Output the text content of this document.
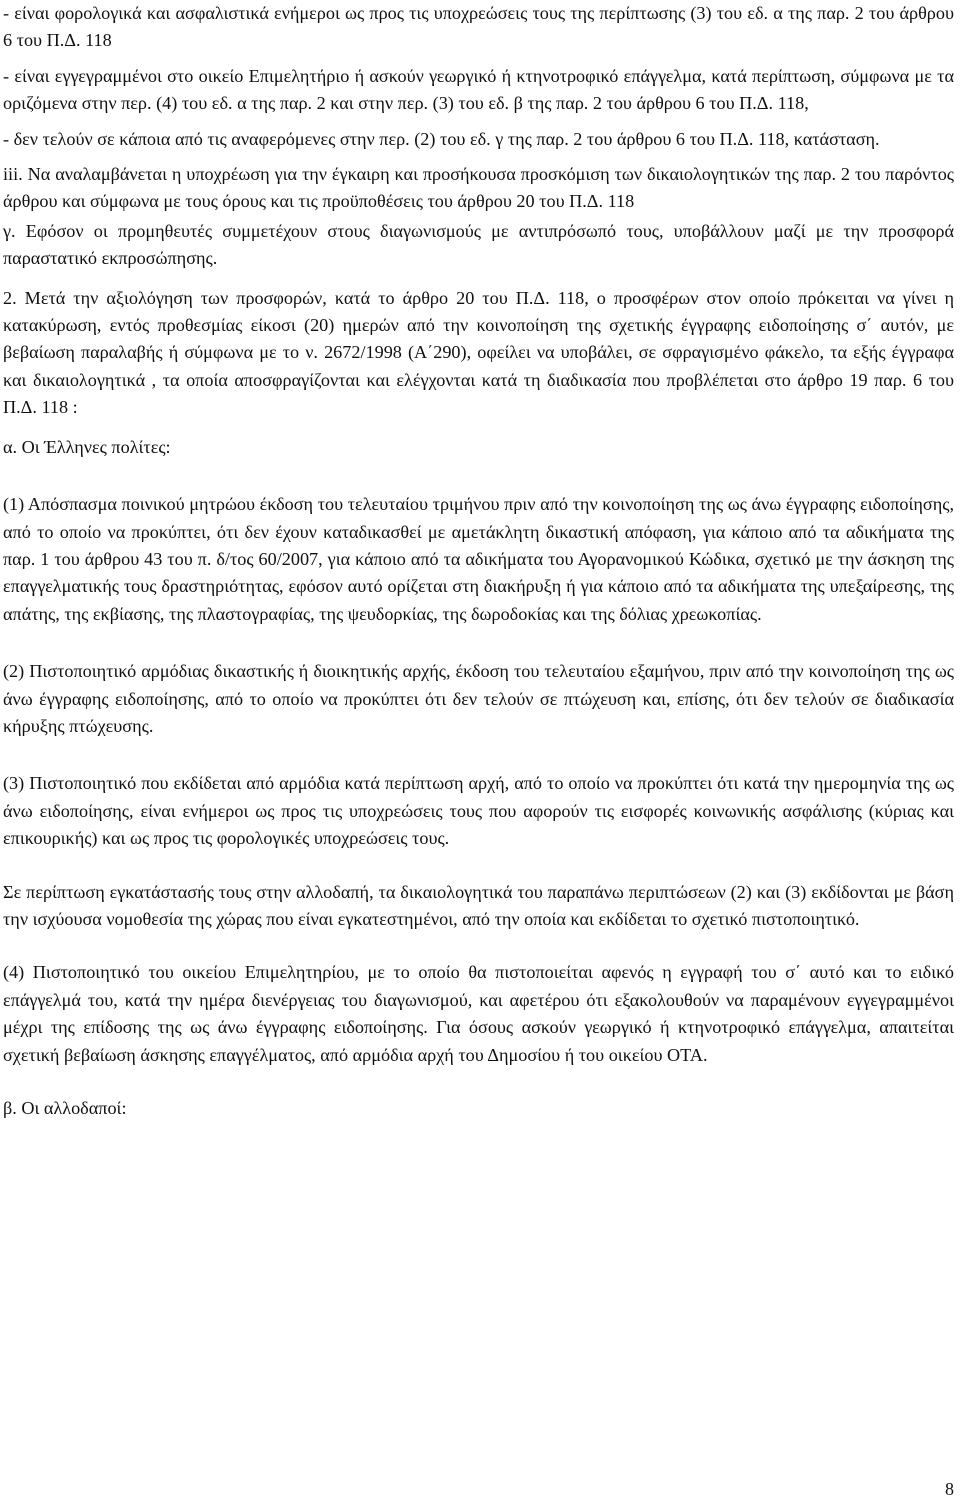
- είναι φορολογικά και ασφαλιστικά ενήμεροι ως προς τις υποχρεώσεις τους της περίπτωσης (3) του εδ. α της παρ. 2 του άρθρου 6 του Π.Δ. 118

- είναι εγγεγραμμένοι στο οικείο Επιμελητήριο ή ασκούν γεωργικό ή κτηνοτροφικό επάγγελμα, κατά περίπτωση, σύμφωνα με τα οριζόμενα στην περ. (4) του εδ. α της παρ. 2 και στην περ. (3) του εδ. β της παρ. 2 του άρθρου 6 του Π.Δ. 118,

- δεν τελούν σε κάποια από τις αναφερόμενες στην περ. (2) του εδ. γ της παρ. 2 του άρθρου 6 του Π.Δ. 118, κατάσταση.

iii. Να αναλαμβάνεται η υποχρέωση για την έγκαιρη και προσήκουσα προσκόμιση των δικαιολογητικών της παρ. 2 του παρόντος άρθρου και σύμφωνα με τους όρους και τις προϋποθέσεις του άρθρου 20 του Π.Δ. 118

γ. Εφόσον οι προμηθευτές συμμετέχουν στους διαγωνισμούς με αντιπρόσωπό τους, υποβάλλουν μαζί με την προσφορά παραστατικό εκπροσώπησης.

2. Μετά την αξιολόγηση των προσφορών, κατά το άρθρο 20 του Π.Δ. 118, ο προσφέρων στον οποίο πρόκειται να γίνει η κατακύρωση, εντός προθεσμίας είκοσι (20) ημερών από την κοινοποίηση της σχετικής έγγραφης ειδοποίησης σ΄ αυτόν, με βεβαίωση παραλαβής ή σύμφωνα με το ν. 2672/1998 (Α΄290), οφείλει να υποβάλει, σε σφραγισμένο φάκελο, τα εξής έγγραφα και δικαιολογητικά , τα οποία αποσφραγίζονται και ελέγχονται κατά τη διαδικασία που προβλέπεται στο άρθρο 19 παρ. 6 του Π.Δ. 118 :

α. Οι Έλληνες πολίτες:

(1) Απόσπασμα ποινικού μητρώου έκδοση του τελευταίου τριμήνου πριν από την κοινοποίηση της ως άνω έγγραφης ειδοποίησης, από το οποίο να προκύπτει, ότι δεν έχουν καταδικασθεί με αμετάκλητη δικαστική απόφαση, για κάποιο από τα αδικήματα της παρ. 1 του άρθρου 43 του π. δ/τος 60/2007, για κάποιο από τα αδικήματα του Αγορανομικού Κώδικα, σχετικό με την άσκηση της επαγγελματικής τους δραστηριότητας, εφόσον αυτό ορίζεται στη διακήρυξη ή για κάποιο από τα αδικήματα της υπεξαίρεσης, της απάτης, της εκβίασης, της πλαστογραφίας, της ψευδορκίας, της δωροδοκίας και της δόλιας χρεωκοπίας.

(2) Πιστοποιητικό αρμόδιας δικαστικής ή διοικητικής αρχής, έκδοση του τελευταίου εξαμήνου, πριν από την κοινοποίηση της ως άνω έγγραφης ειδοποίησης, από το οποίο να προκύπτει ότι δεν τελούν σε πτώχευση και, επίσης, ότι δεν τελούν σε διαδικασία κήρυξης πτώχευσης.

(3) Πιστοποιητικό που εκδίδεται από αρμόδια κατά περίπτωση αρχή, από το οποίο να προκύπτει ότι κατά την ημερομηνία της ως άνω ειδοποίησης, είναι ενήμεροι ως προς τις υποχρεώσεις τους που αφορούν τις εισφορές κοινωνικής ασφάλισης (κύριας και επικουρικής) και ως προς τις φορολογικές υποχρεώσεις τους.

Σε περίπτωση εγκατάστασής τους στην αλλοδαπή, τα δικαιολογητικά του παραπάνω περιπτώσεων (2) και (3) εκδίδονται με βάση την ισχύουσα νομοθεσία της χώρας που είναι εγκατεστημένοι, από την οποία και εκδίδεται το σχετικό πιστοποιητικό.

(4) Πιστοποιητικό του οικείου Επιμελητηρίου, με το οποίο θα πιστοποιείται αφενός η εγγραφή του σ΄ αυτό και το ειδικό επάγγελμά του, κατά την ημέρα διενέργειας του διαγωνισμού, και αφετέρου ότι εξακολουθούν να παραμένουν εγγεγραμμένοι μέχρι της επίδοσης της ως άνω έγγραφης ειδοποίησης. Για όσους ασκούν γεωργικό ή κτηνοτροφικό επάγγελμα, απαιτείται σχετική βεβαίωση άσκησης επαγγέλματος, από αρμόδια αρχή του Δημοσίου ή του οικείου ΟΤΑ.

β. Οι αλλοδαποί:

8
